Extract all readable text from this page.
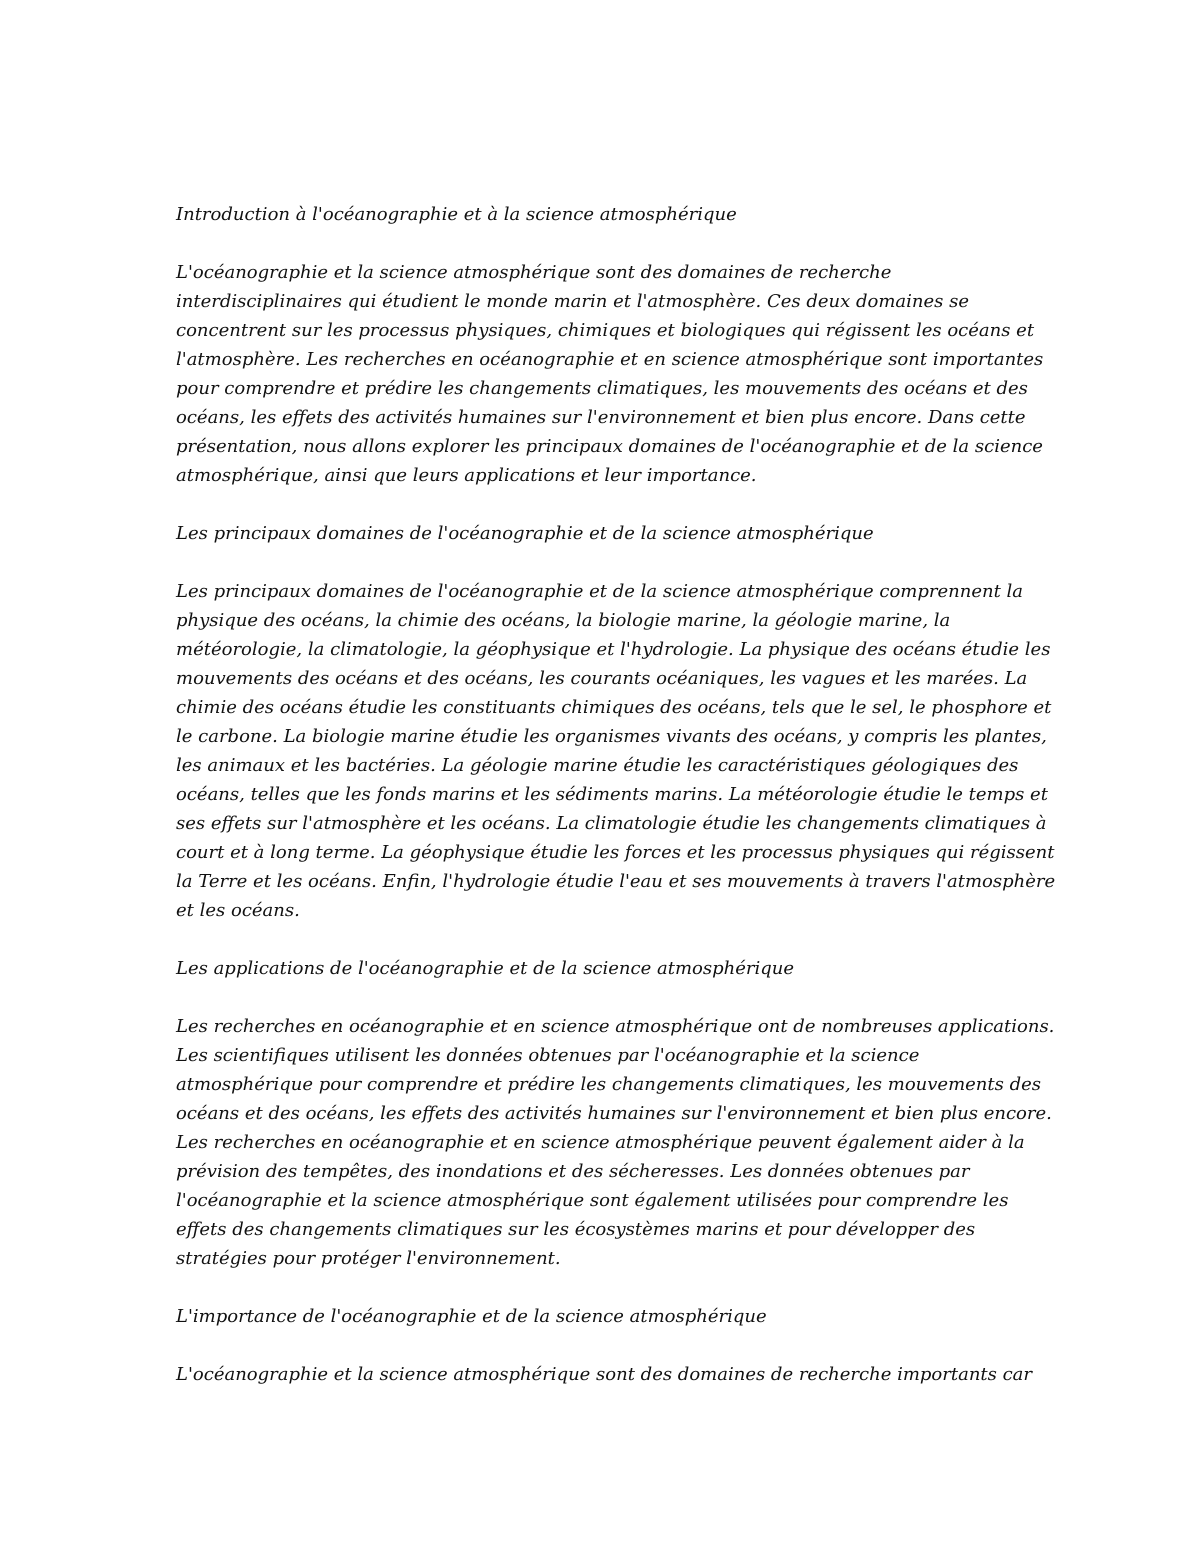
Introduction à l'océanographie et à la science atmosphérique
L'océanographie et la science atmosphérique sont des domaines de recherche
interdisciplinaires qui étudient le monde marin et l'atmosphère. Ces deux domaines se
concentrent sur les processus physiques, chimiques et biologiques qui régissent les océans et
l'atmosphère. Les recherches en océanographie et en science atmosphérique sont importantes
pour comprendre et prédire les changements climatiques, les mouvements des océans et des
océans, les effets des activités humaines sur l'environnement et bien plus encore. Dans cette
présentation, nous allons explorer les principaux domaines de l'océanographie et de la science
atmosphérique, ainsi que leurs applications et leur importance.
Les principaux domaines de l'océanographie et de la science atmosphérique
Les principaux domaines de l'océanographie et de la science atmosphérique comprennent la
physique des océans, la chimie des océans, la biologie marine, la géologie marine, la
météorologie, la climatologie, la géophysique et l'hydrologie. La physique des océans étudie les
mouvements des océans et des océans, les courants océaniques, les vagues et les marées. La
chimie des océans étudie les constituants chimiques des océans, tels que le sel, le phosphore et
le carbone. La biologie marine étudie les organismes vivants des océans, y compris les plantes,
les animaux et les bactéries. La géologie marine étudie les caractéristiques géologiques des
océans, telles que les fonds marins et les sédiments marins. La météorologie étudie le temps et
ses effets sur l'atmosphère et les océans. La climatologie étudie les changements climatiques à
court et à long terme. La géophysique étudie les forces et les processus physiques qui régissent
la Terre et les océans. Enfin, l'hydrologie étudie l'eau et ses mouvements à travers l'atmosphère
et les océans.
Les applications de l'océanographie et de la science atmosphérique
Les recherches en océanographie et en science atmosphérique ont de nombreuses applications.
Les scientifiques utilisent les données obtenues par l'océanographie et la science
atmosphérique pour comprendre et prédire les changements climatiques, les mouvements des
océans et des océans, les effets des activités humaines sur l'environnement et bien plus encore.
Les recherches en océanographie et en science atmosphérique peuvent également aider à la
prévision des tempêtes, des inondations et des sécheresses. Les données obtenues par
l'océanographie et la science atmosphérique sont également utilisées pour comprendre les
effets des changements climatiques sur les écosystèmes marins et pour développer des
stratégies pour protéger l'environnement.
L'importance de l'océanographie et de la science atmosphérique
L'océanographie et la science atmosphérique sont des domaines de recherche importants car
